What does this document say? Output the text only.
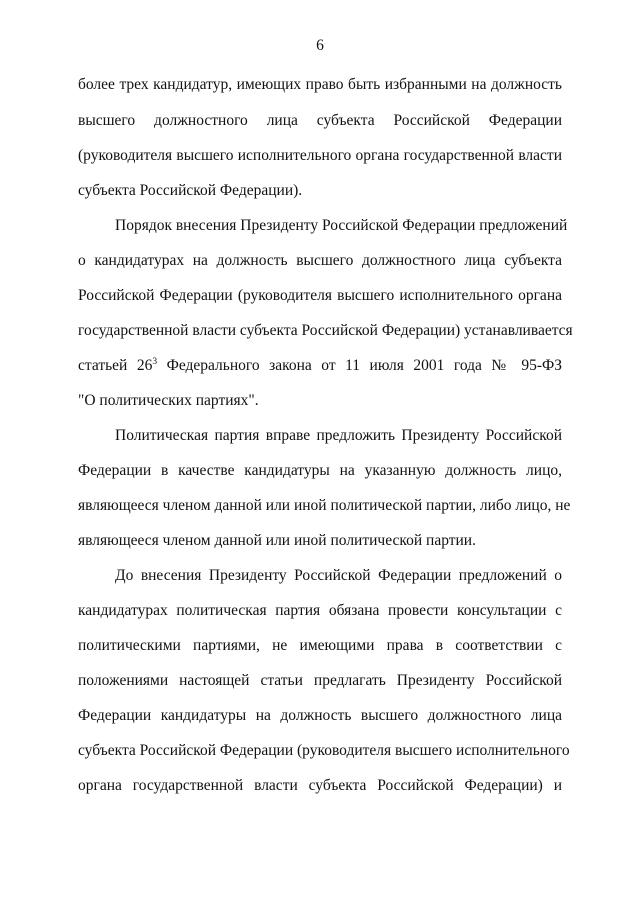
6
более трех кандидатур, имеющих право быть избранными на должность
высшего должностного лица субъекта Российской Федерации
(руководителя высшего исполнительного органа государственной власти
субъекта Российской Федерации).
Порядок внесения Президенту Российской Федерации предложений
о кандидатурах на должность высшего должностного лица субъекта
Российской Федерации (руководителя высшего исполнительного органа
государственной власти субъекта Российской Федерации) устанавливается
статьей $26^3$ Федерального закона от 11 июля 2001 года № 95-ФЗ
"О политических партиях".
Политическая партия вправе предложить Президенту Российской
Федерации в качестве кандидатуры на указанную должность лицо,
являющееся членом данной или иной политической партии, либо лицо, не
являющееся членом данной или иной политической партии.
До внесения Президенту Российской Федерации предложений о
кандидатурах политическая партия обязана провести консультации с
политическими партиями, не имеющими права в соответствии с
положениями настоящей статьи предлагать Президенту Российской
Федерации кандидатуры на должность высшего должностного лица
субъекта Российской Федерации (руководителя высшего исполнительного
органа государственной власти субъекта Российской Федерации) и
